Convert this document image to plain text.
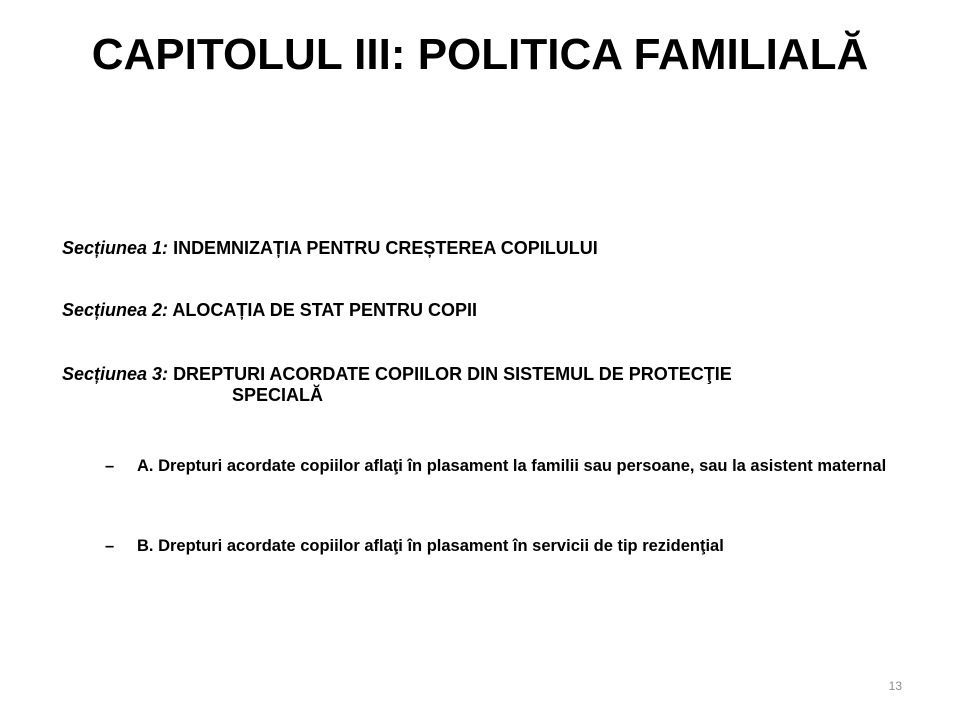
CAPITOLUL III: POLITICA FAMILIALĂ
Secțiunea 1: INDEMNIZAȚIA PENTRU CREȘTEREA COPILULUI
Secțiunea 2: ALOCAȚIA DE STAT PENTRU COPII
Secțiunea 3: DREPTURI ACORDATE COPIILOR DIN SISTEMUL DE PROTECŢIE
SPECIALĂ
– A. Drepturi acordate copiilor aflaţi în plasament la familii sau persoane, sau la asistent maternal
– B. Drepturi acordate copiilor aflaţi în plasament în servicii de tip rezidenţial
13
